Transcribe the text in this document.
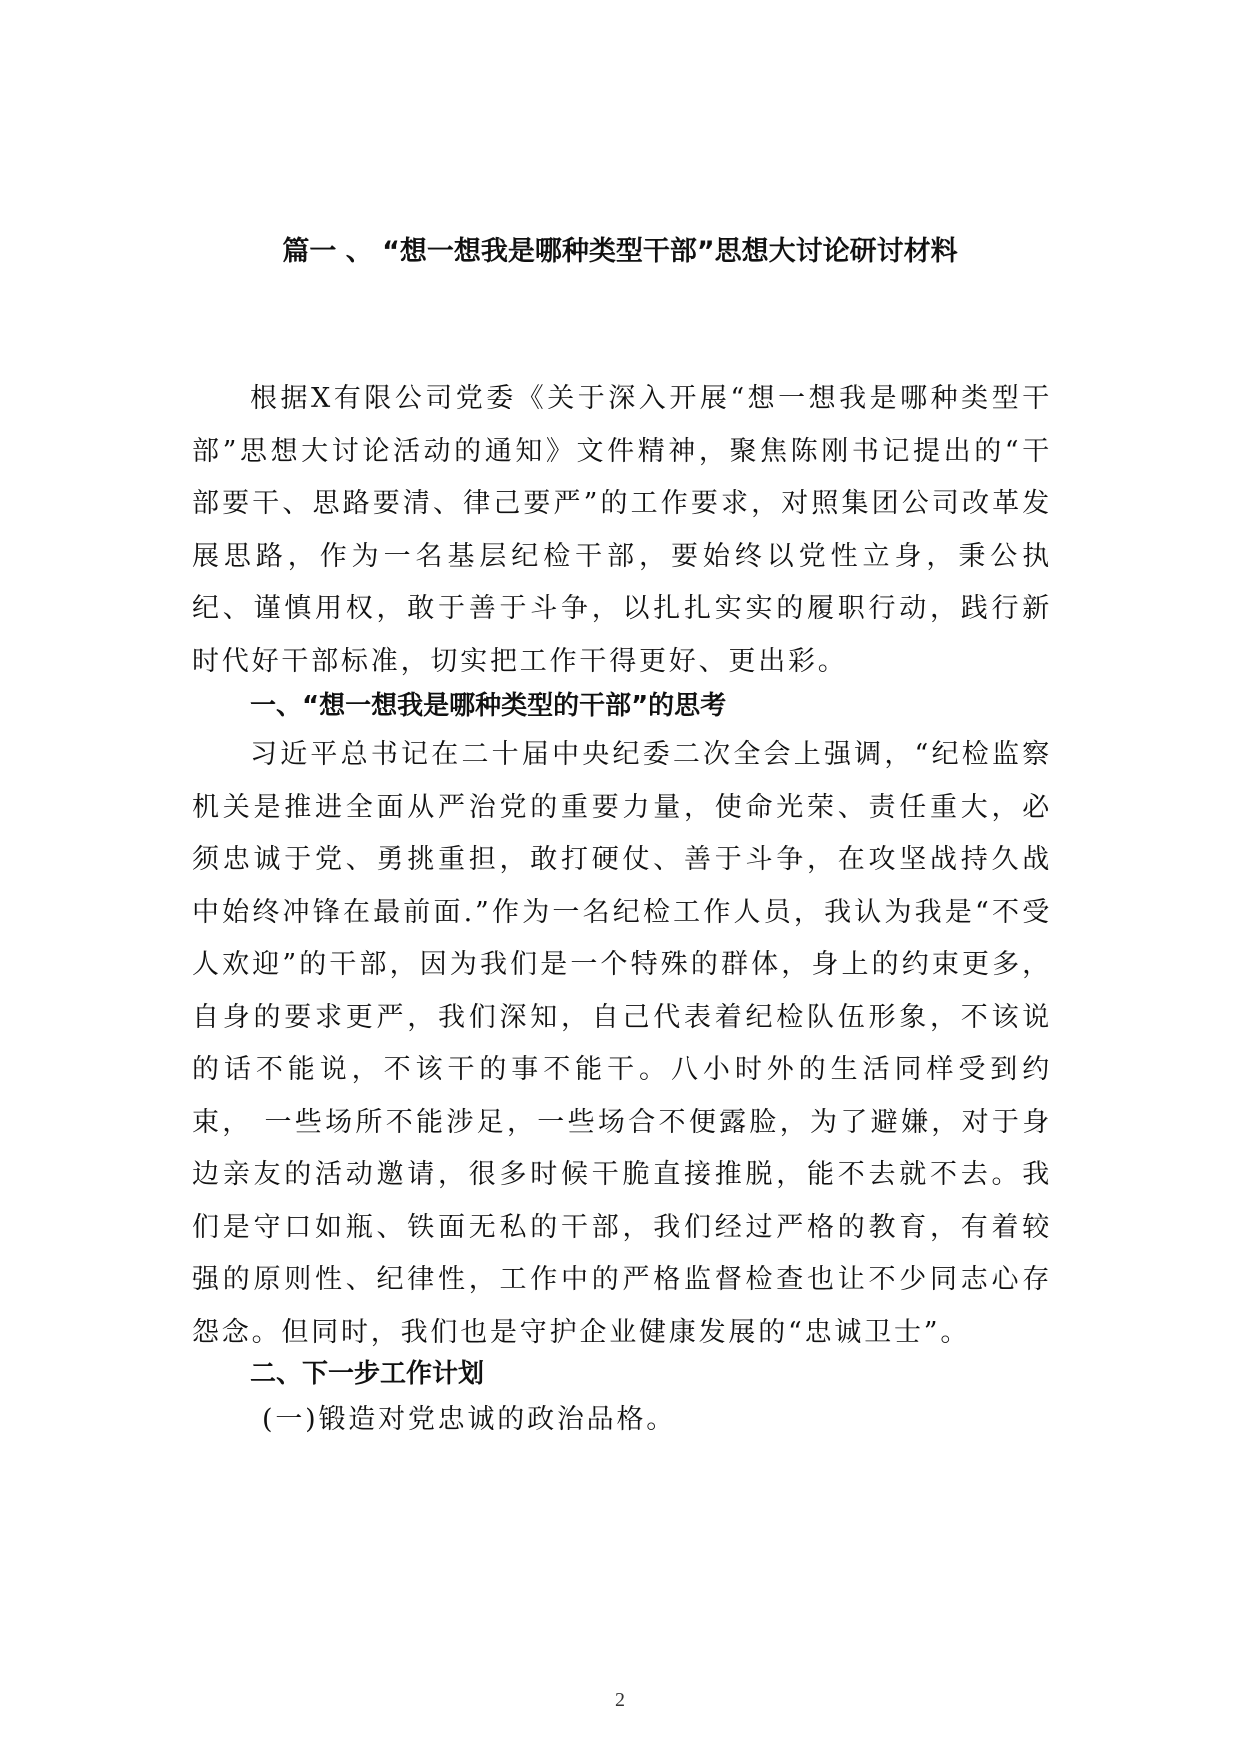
篇一 、 “想一想我是哪种类型干部”思想大讨论研讨材料

根据X有限公司党委《关于深入开展“想一想我是哪种类型干部”思想大讨论活动的通知》文件精神，聚焦陈刚书记提出的“干部要干、思路要清、律己要严”的工作要求，对照集团公司改革发展思路，作为一名基层纪检干部，要始终以党性立身，秉公执纪、谨慎用权，敢于善于斗争，以扎扎实实的履职行动，践行新时代好干部标准，切实把工作干得更好、更出彩。

一、“想一想我是哪种类型的干部”的思考

习近平总书记在二十届中央纪委二次全会上强调，“纪检监察机关是推进全面从严治党的重要力量，使命光荣、责任重大，必须忠诚于党、勇挑重担，敢打硬仗、善于斗争，在攻坚战持久战中始终冲锋在最前面.”作为一名纪检工作人员，我认为我是“不受人欢迎”的干部，因为我们是一个特殊的群体，身上的约束更多，自身的要求更严，我们深知，自己代表着纪检队伍形象，不该说的话不能说，不该干的事不能干。八小时外的生活同样受到约束， 一些场所不能涉足，一些场合不便露脸，为了避嫌，对于身边亲友的活动邀请，很多时候干脆直接推脱，能不去就不去。我们是守口如瓶、铁面无私的干部，我们经过严格的教育，有着较强的原则性、纪律性，工作中的严格监督检查也让不少同志心存怨念。但同时，我们也是守护企业健康发展的“忠诚卫士”。

二、下一步工作计划

(一)锻造对党忠诚的政治品格。

2
